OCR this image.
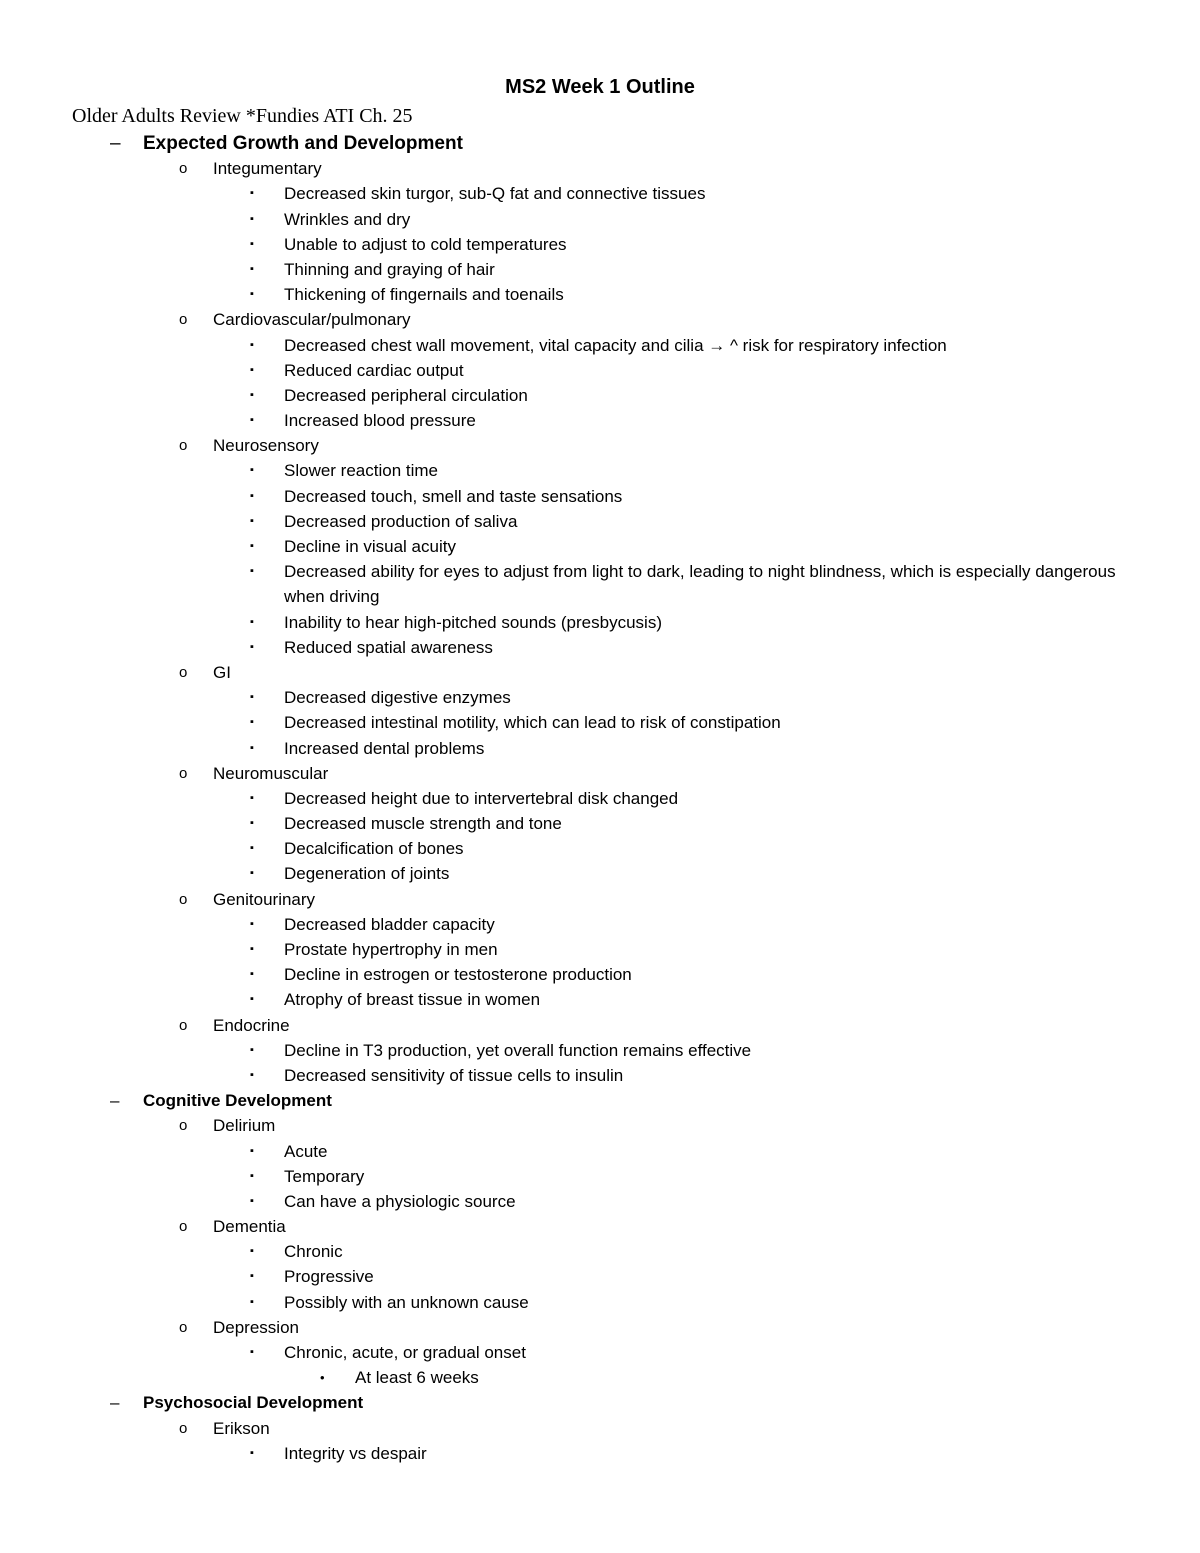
MS2 Week 1 Outline
Older Adults Review *Fundies ATI Ch. 25
– Expected Growth and Development
o Integumentary
▪ Decreased skin turgor, sub-Q fat and connective tissues
▪ Wrinkles and dry
▪ Unable to adjust to cold temperatures
▪ Thinning and graying of hair
▪ Thickening of fingernails and toenails
o Cardiovascular/pulmonary
▪ Decreased chest wall movement, vital capacity and cilia → ^ risk for respiratory infection
▪ Reduced cardiac output
▪ Decreased peripheral circulation
▪ Increased blood pressure
o Neurosensory
▪ Slower reaction time
▪ Decreased touch, smell and taste sensations
▪ Decreased production of saliva
▪ Decline in visual acuity
▪ Decreased ability for eyes to adjust from light to dark, leading to night blindness, which is especially dangerous when driving
▪ Inability to hear high-pitched sounds (presbycusis)
▪ Reduced spatial awareness
o GI
▪ Decreased digestive enzymes
▪ Decreased intestinal motility, which can lead to risk of constipation
▪ Increased dental problems
o Neuromuscular
▪ Decreased height due to intervertebral disk changed
▪ Decreased muscle strength and tone
▪ Decalcification of bones
▪ Degeneration of joints
o Genitourinary
▪ Decreased bladder capacity
▪ Prostate hypertrophy in men
▪ Decline in estrogen or testosterone production
▪ Atrophy of breast tissue in women
o Endocrine
▪ Decline in T3 production, yet overall function remains effective
▪ Decreased sensitivity of tissue cells to insulin
– Cognitive Development
o Delirium
▪ Acute
▪ Temporary
▪ Can have a physiologic source
o Dementia
▪ Chronic
▪ Progressive
▪ Possibly with an unknown cause
o Depression
▪ Chronic, acute, or gradual onset
• At least 6 weeks
– Psychosocial Development
o Erikson
▪ Integrity vs despair
